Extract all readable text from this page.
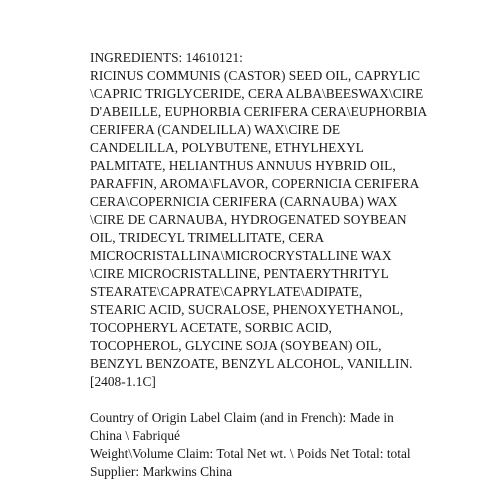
INGREDIENTS: 14610121:
RICINUS COMMUNIS (CASTOR) SEED OIL, CAPRYLIC
\CAPRIC TRIGLYCERIDE, CERA ALBA\BEESWAX\CIRE
D'ABEILLE, EUPHORBIA CERIFERA CERA\EUPHORBIA
CERIFERA (CANDELILLA) WAX\CIRE DE
CANDELILLA, POLYBUTENE, ETHYLHEXYL
PALMITATE, HELIANTHUS ANNUUS HYBRID OIL,
PARAFFIN, AROMA\FLAVOR, COPERNICIA CERIFERA
CERA\COPERNICIA CERIFERA (CARNAUBA) WAX
\CIRE DE CARNAUBA, HYDROGENATED SOYBEAN
OIL, TRIDECYL TRIMELLITATE, CERA
MICROCRISTALLINA\MICROCRYSTALLINE WAX
\CIRE MICROCRISTALLINE, PENTAERYTHRITYL
STEARATE\CAPRATE\CAPRYLATE\ADIPATE,
STEARIC ACID, SUCRALOSE, PHENOXYETHANOL,
TOCOPHERYL ACETATE, SORBIC ACID,
TOCOPHEROL, GLYCINE SOJA (SOYBEAN) OIL,
BENZYL BENZOATE, BENZYL ALCOHOL, VANILLIN.
[2408-1.1C]
Country of Origin Label Claim (and in French): Made in
China \ Fabriqué
Weight\Volume Claim: Total Net wt. \ Poids Net Total: total
Supplier: Markwins China
